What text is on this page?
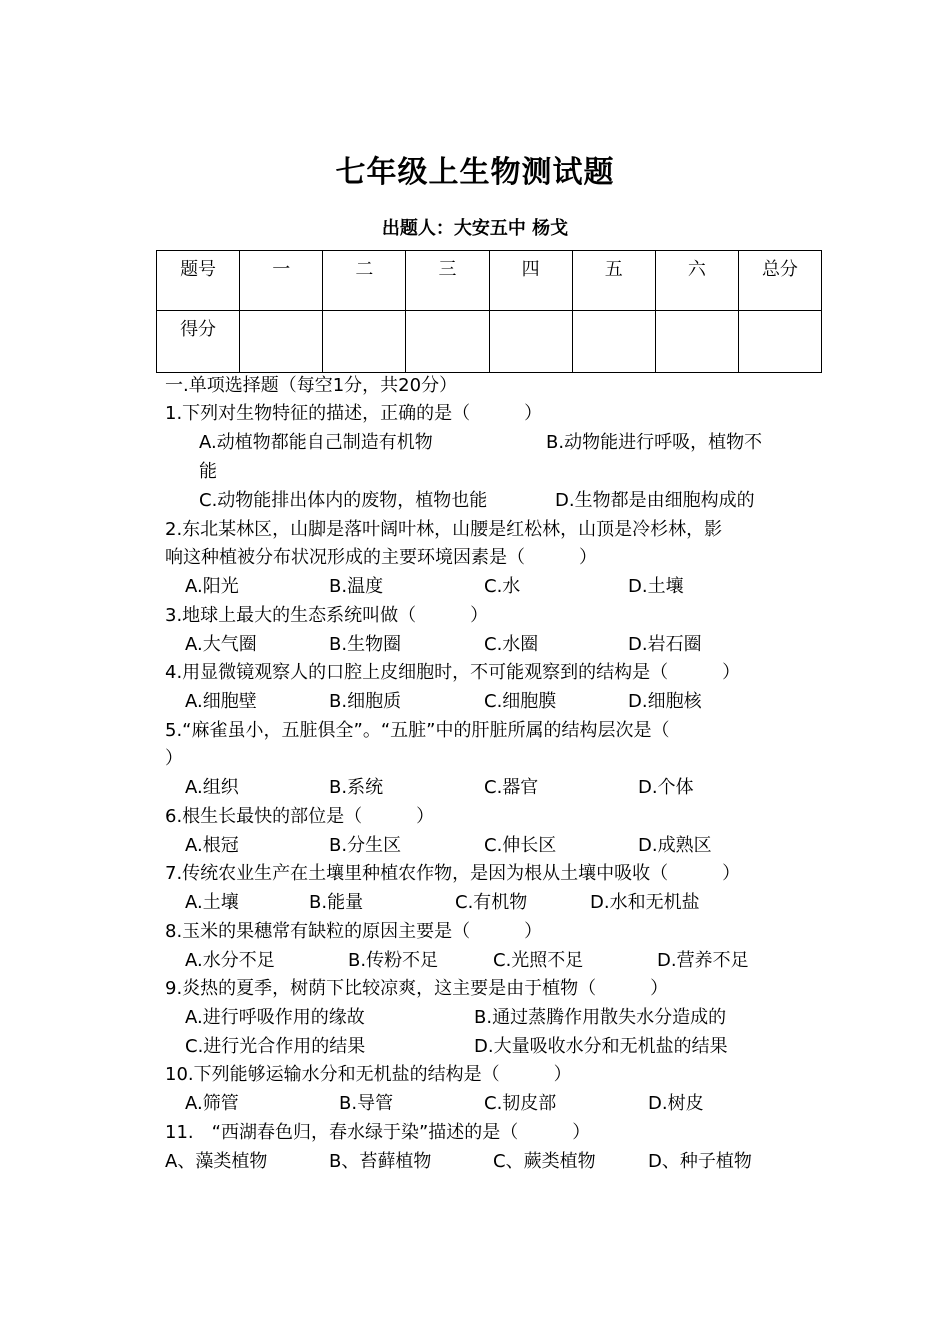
七年级上生物测试题
出题人：大安五中 杨戈
题号	一	二	三	四	五	六	总分
得分							
一.单项选择题（每空1分，共20分）
1.下列对生物特征的描述，正确的是（　　　）
A.动植物都能自己制造有机物	B.动物能进行呼吸，植物不
能
C.动物能排出体内的废物，植物也能	D.生物都是由细胞构成的
2.东北某林区，山脚是落叶阔叶林，山腰是红松林，山顶是冷杉林，影
响这种植被分布状况形成的主要环境因素是（　　　）
A.阳光	B.温度	C.水	D.土壤
3.地球上最大的生态系统叫做（　　　）
A.大气圈	B.生物圈	C.水圈	D.岩石圈
4.用显微镜观察人的口腔上皮细胞时，不可能观察到的结构是（　　　）
A.细胞壁	B.细胞质	C.细胞膜	D.细胞核
5.“麻雀虽小，五脏俱全”。“五脏”中的肝脏所属的结构层次是（
）
A.组织	B.系统	C.器官	D.个体
6.根生长最快的部位是（　　　）
A.根冠	B.分生区	C.伸长区	D.成熟区
7.传统农业生产在土壤里种植农作物，是因为根从土壤中吸收（　　　）
A.土壤	B.能量	C.有机物	D.水和无机盐
8.玉米的果穗常有缺粒的原因主要是（　　　）
A.水分不足	B.传粉不足	C.光照不足	D.营养不足
9.炎热的夏季，树荫下比较凉爽，这主要是由于植物（　　　）
A.进行呼吸作用的缘故	B.通过蒸腾作用散失水分造成的
C.进行光合作用的结果	D.大量吸收水分和无机盐的结果
10.下列能够运输水分和无机盐的结构是（　　　）
A.筛管	B.导管	C.韧皮部	D.树皮
11.　“西湖春色归，春水绿于染”描述的是（　　　）
A、藻类植物	B、苔藓植物	C、蕨类植物	D、种子植物
